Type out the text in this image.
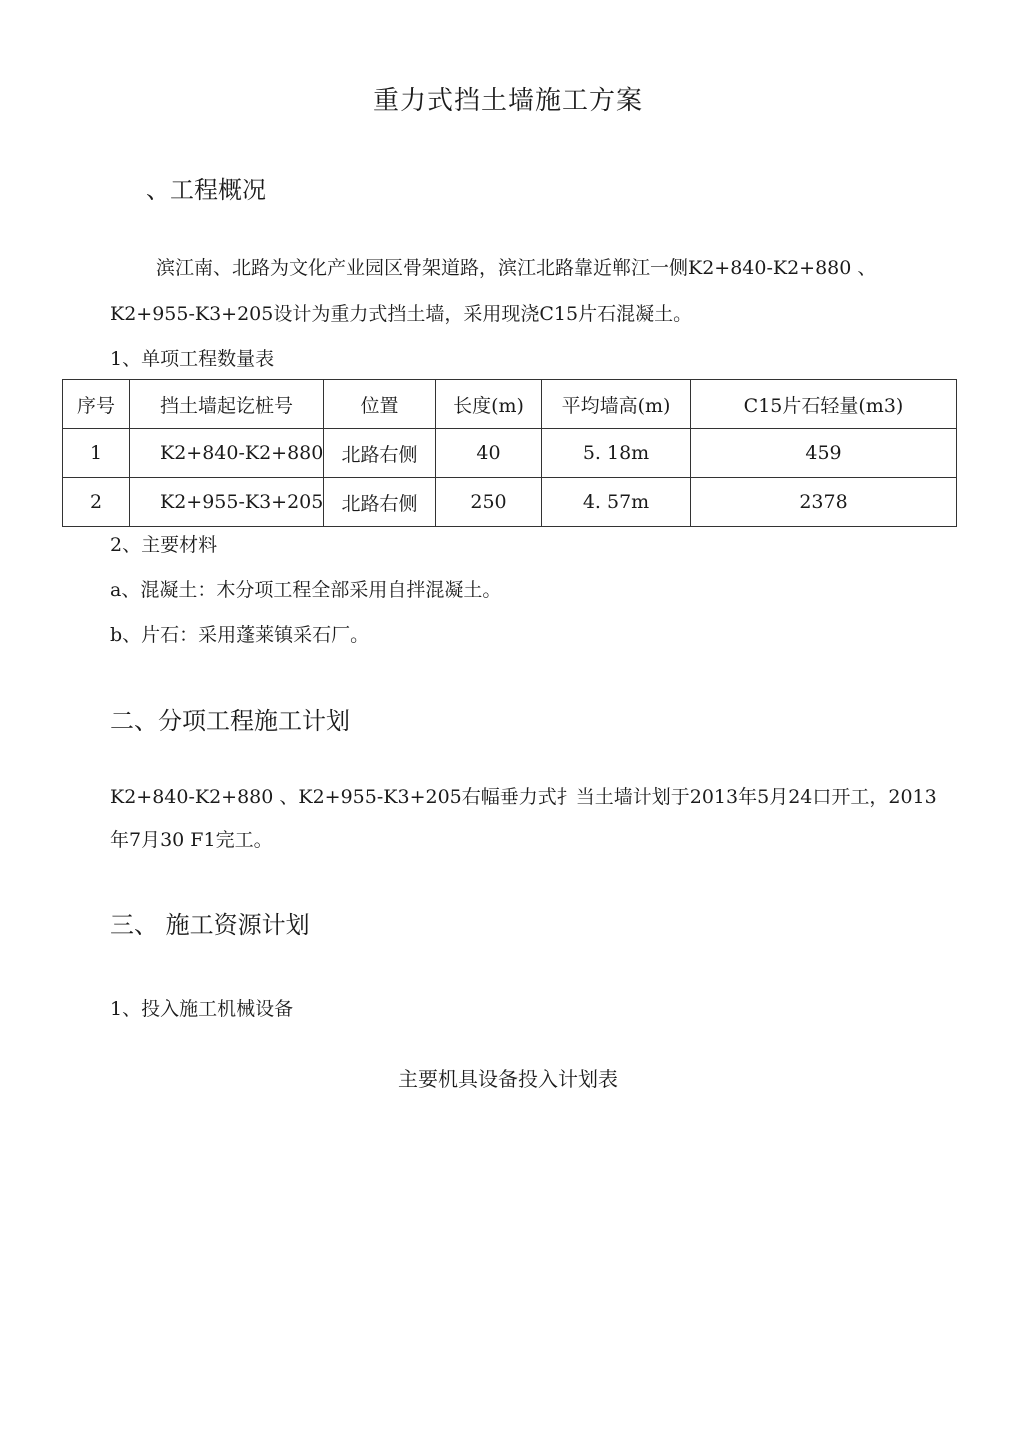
重力式挡土墙施工方案
、工程概况
滨江南、北路为文化产业园区骨架道路，滨江北路靠近郸江一侧K2+840-K2+880 、
K2+955-K3+205设计为重力式挡土墙，采用现浇C15片石混凝土。
1、单项工程数量表
序号	挡土墙起讫桩号	位置	长度(m)	平均墙高(m)	C15片石轻量(m3)
1	K2+840-K2+880	北路右侧	40	5. 18m	459
2	K2+955-K3+205	北路右侧	250	4. 57m	2378
2、主要材料
a、混凝土：木分项工程全部采用自拌混凝土。
b、片石：采用蓬莱镇采石厂。
二、分项工程施工计划
K2+840-K2+880 、K2+955-K3+205右幅垂力式扌当土墙计划于2013年5月24口开工，2013
年7月30 F1完工。
三、 施工资源计划
1、投入施工机械设备
主要机具设备投入计划表
